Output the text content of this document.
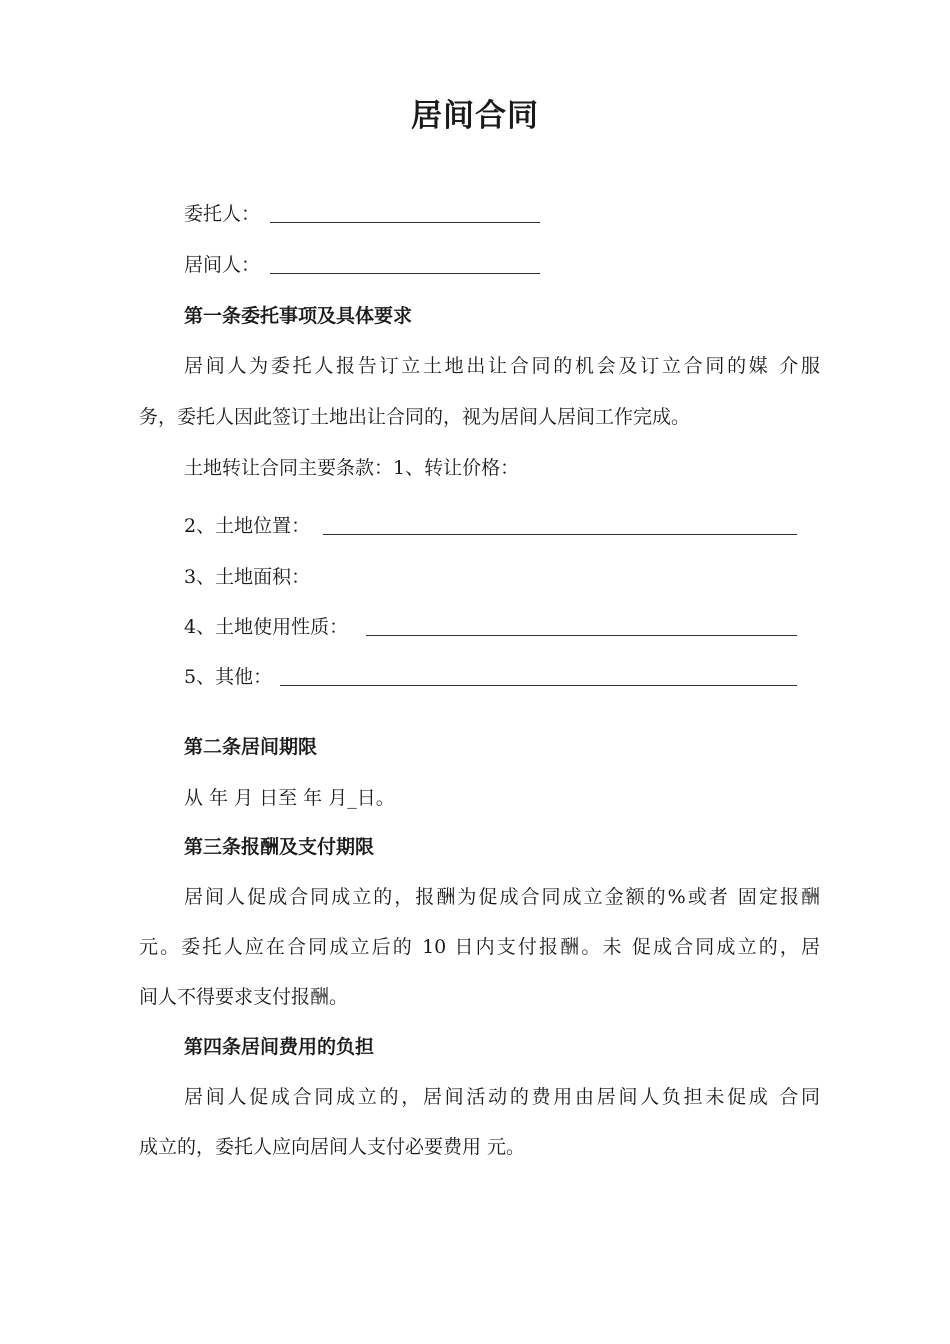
居间合同
委托人：
居间人：
第一条委托事项及具体要求
居间人为委托人报告订立土地出让合同的机会及订立合同的媒 介服
务，委托人因此签订土地出让合同的，视为居间人居间工作完成。
土地转让合同主要条款：1、转让价格：
2、土地位置：
3、土地面积：
4、土地使用性质：
5、其他：
第二条居间期限
从 年 月 日至 年 月_日。
第三条报酬及支付期限
居间人促成合同成立的，报酬为促成合同成立金额的%或者 固定报酬
元。委托人应在合同成立后的 10 日内支付报酬。未 促成合同成立的，居
间人不得要求支付报酬。
第四条居间费用的负担
居间人促成合同成立的，居间活动的费用由居间人负担未促成 合同
成立的，委托人应向居间人支付必要费用 元。
